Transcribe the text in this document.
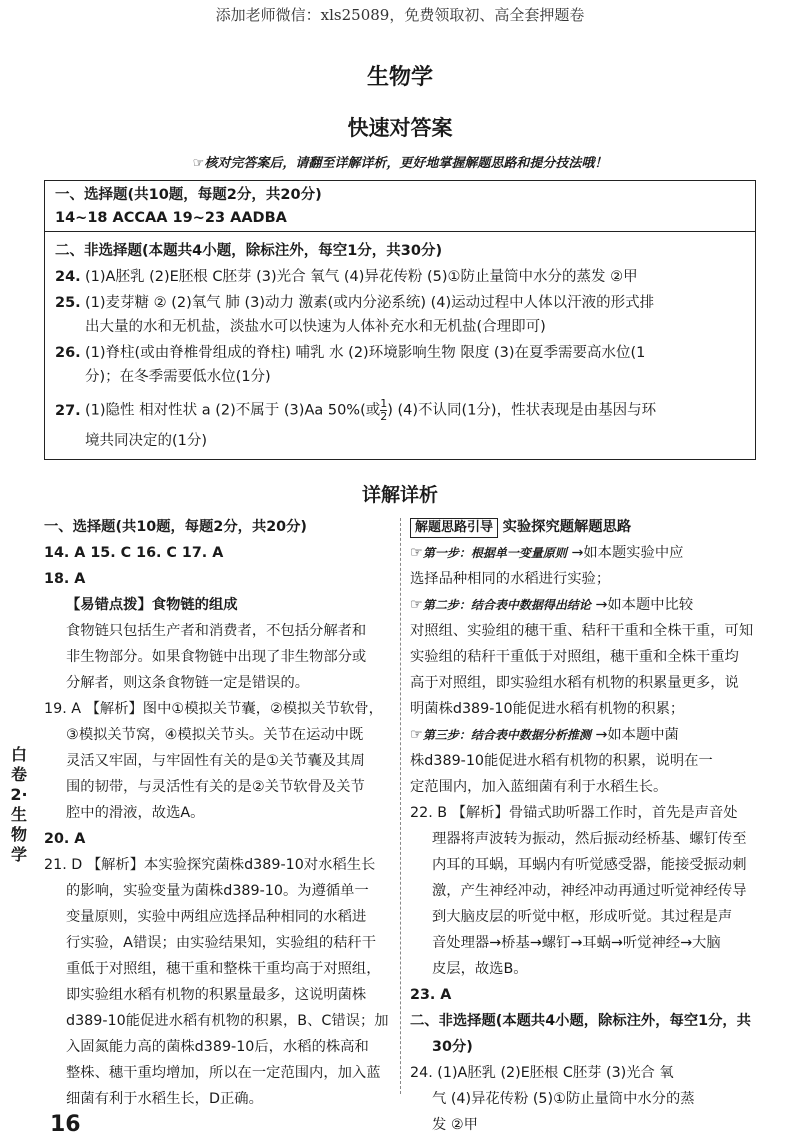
添加老师微信：xls25089，免费领取初、高全套押题卷
生物学
快速对答案
☞核对完答案后，请翻至详解详析，更好地掌握解题思路和提分技法哦！
一、选择题(共10题，每题2分，共20分)
14~18 ACCAA 19~23 AADBA
二、非选择题(本题共4小题，除标注外，每空1分，共30分)
24. (1)A胚乳 (2)E胚根 C胚芽 (3)光合 氧气 (4)异花传粉 (5)①防止量筒中水分的蒸发 ②甲
25. (1)麦芽糖 ② (2)氧气 肺 (3)动力 激素(或内分泌系统) (4)运动过程中人体以汗液的形式排
出大量的水和无机盐，淡盐水可以快速为人体补充水和无机盐(合理即可)
26. (1)脊柱(或由脊椎骨组成的脊柱) 哺乳 水 (2)环境影响生物 限度 (3)在夏季需要高水位(1
分)；在冬季需要低水位(1分)
27. (1)隐性 相对性状 a (2)不属于 (3)Aa 50%(或 $\frac{1}{2}$ ) (4)不认同(1分)，性状表现是由基因与环
境共同决定的(1分)
详解详析

一、选择题(共10题，每题2分，共20分)

14. A 15. C 16. C 17. A

18. A

【易错点拨】食物链的组成

食物链只包括生产者和消费者，不包括分解者和

非生物部分。如果食物链中出现了非生物部分或

分解者，则这条食物链一定是错误的。

19. A 【解析】图中①模拟关节囊，②模拟关节软骨，

③模拟关节窝，④模拟关节头。关节在运动中既

灵活又牢固，与牢固性有关的是①关节囊及其周

围的韧带，与灵活性有关的是②关节软骨及关节

腔中的滑液，故选A。

20. A

21. D 【解析】本实验探究菌株d389-10对水稻生长

的影响，实验变量为菌株d389-10。为遵循单一

变量原则，实验中两组应选择品种相同的水稻进

行实验，A错误；由实验结果知，实验组的秸秆干

重低于对照组，穗干重和整株干重均高于对照组，

即实验组水稻有机物的积累量最多，这说明菌株

d389-10能促进水稻有机物的积累，B、C错误；加

入固氮能力高的菌株d389-10后，水稻的株高和

整株、穗干重均增加，所以在一定范围内，加入蓝

细菌有利于水稻生长，D正确。

解题思路引导 实验探究题解题思路

☞第一步：根据单一变量原则 →如本题实验中应

选择品种相同的水稻进行实验；

☞第二步：结合表中数据得出结论 →如本题中比较

对照组、实验组的穗干重、秸秆干重和全株干重，可知

实验组的秸秆干重低于对照组，穗干重和全株干重均

高于对照组，即实验组水稻有机物的积累量更多，说

明菌株d389-10能促进水稻有机物的积累；

☞第三步：结合表中数据分析推测 →如本题中菌

株d389-10能促进水稻有机物的积累，说明在一

定范围内，加入蓝细菌有利于水稻生长。

22. B 【解析】骨锚式助听器工作时，首先是声音处

理器将声波转为振动，然后振动经桥基、螺钉传至

内耳的耳蜗，耳蜗内有听觉感受器，能接受振动刺

激，产生神经冲动，神经冲动再通过听觉神经传导

到大脑皮层的听觉中枢，形成听觉。其过程是声

音处理器→桥基→螺钉→耳蜗→听觉神经→大脑

皮层，故选B。

23. A

二、非选择题(本题共4小题，除标注外，每空1分，共

30分)

24. (1)A胚乳 (2)E胚根 C胚芽 (3)光合 氧

气 (4)异花传粉 (5)①防止量筒中水分的蒸

发 ②甲

白卷2·生物学
16
